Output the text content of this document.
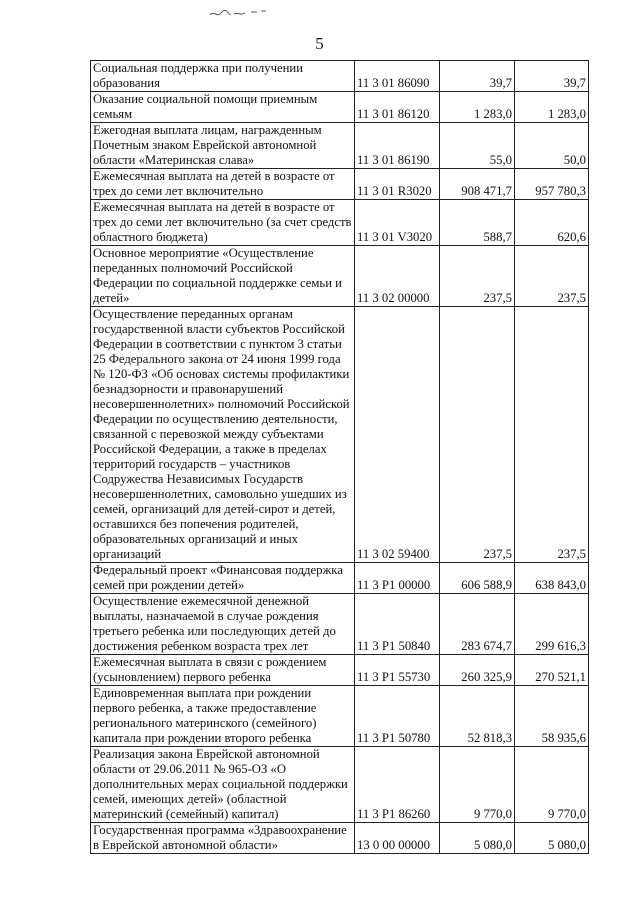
5
Социальная поддержка при получении образования	11 3 01 86090	39,7	39,7
Оказание социальной помощи приемным семьям	11 3 01 86120	1 283,0	1 283,0
Ежегодная выплата лицам, награжденным Почетным знаком Еврейской автономной области «Материнская слава»	11 3 01 86190	55,0	50,0
Ежемесячная выплата на детей в возрасте от трех до семи лет включительно	11 3 01 R3020	908 471,7	957 780,3
Ежемесячная выплата на детей в возрасте от трех до семи лет включительно (за счет средств областного бюджета)	11 3 01 V3020	588,7	620,6
Основное мероприятие «Осуществление переданных полномочий Российской Федерации по социальной поддержке семьи и детей»	11 3 02 00000	237,5	237,5
Осуществление переданных органам государственной власти субъектов Российской Федерации в соответствии с пунктом 3 статьи 25 Федерального закона от 24 июня 1999 года № 120-ФЗ «Об основах системы профилактики безнадзорности и правонарушений несовершеннолетних» полномочий Российской Федерации по осуществлению деятельности, связанной с перевозкой между субъектами Российской Федерации, а также в пределах территорий государств – участников Содружества Независимых Государств несовершеннолетних, самовольно ушедших из семей, организаций для детей-сирот и детей, оставшихся без попечения родителей, образовательных организаций и иных организаций	11 3 02 59400	237,5	237,5
Федеральный проект «Финансовая поддержка семей при рождении детей»	11 3 P1 00000	606 588,9	638 843,0
Осуществление ежемесячной денежной выплаты, назначаемой в случае рождения третьего ребенка или последующих детей до достижения ребенком возраста трех лет	11 3 P1 50840	283 674,7	299 616,3
Ежемесячная выплата в связи с рождением (усыновлением) первого ребенка	11 3 P1 55730	260 325,9	270 521,1
Единовременная выплата при рождении первого ребенка, а также предоставление регионального материнского (семейного) капитала при рождении второго ребенка	11 3 P1 50780	52 818,3	58 935,6
Реализация закона Еврейской автономной области от 29.06.2011 № 965-ОЗ «О дополнительных мерах социальной поддержки семей, имеющих детей» (областной материнский (семейный) капитал)	11 3 P1 86260	9 770,0	9 770,0
Государственная программа «Здравоохранение в Еврейской автономной области»	13 0 00 00000	5 080,0	5 080,0
